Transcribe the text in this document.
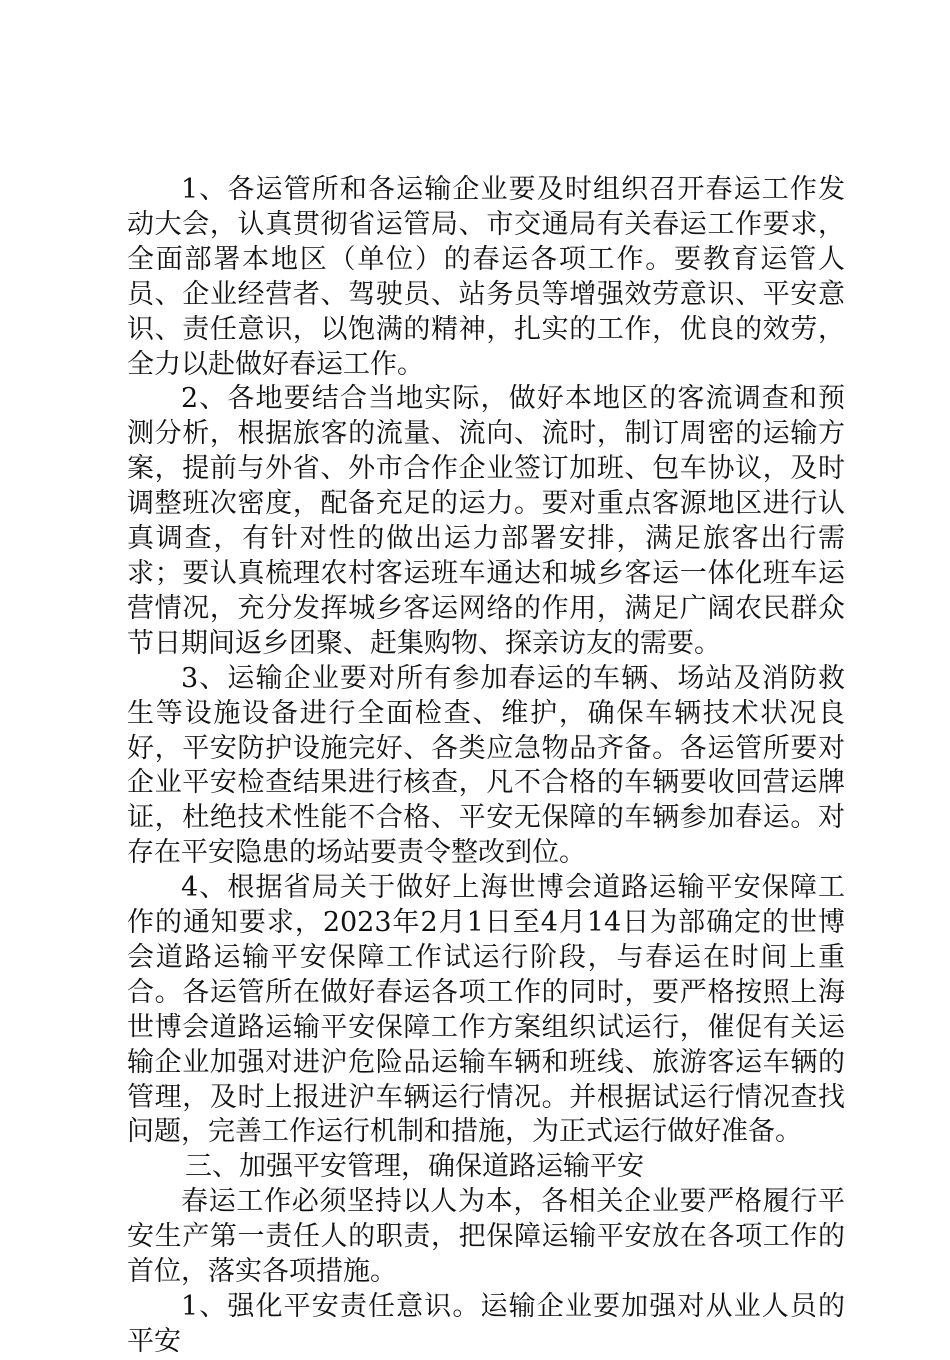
1、各运管所和各运输企业要及时组织召开春运工作发动大会，认真贯彻省运管局、市交通局有关春运工作要求，全面部署本地区（单位）的春运各项工作。要教育运管人员、企业经营者、驾驶员、站务员等增强效劳意识、平安意识、责任意识，以饱满的精神，扎实的工作，优良的效劳，全力以赴做好春运工作。

2、各地要结合当地实际，做好本地区的客流调查和预测分析，根据旅客的流量、流向、流时，制订周密的运输方案，提前与外省、外市合作企业签订加班、包车协议，及时调整班次密度，配备充足的运力。要对重点客源地区进行认真调查，有针对性的做出运力部署安排，满足旅客出行需求；要认真梳理农村客运班车通达和城乡客运一体化班车运营情况，充分发挥城乡客运网络的作用，满足广阔农民群众节日期间返乡团聚、赶集购物、探亲访友的需要。

3、运输企业要对所有参加春运的车辆、场站及消防救生等设施设备进行全面检查、维护，确保车辆技术状况良好，平安防护设施完好、各类应急物品齐备。各运管所要对企业平安检查结果进行核查，凡不合格的车辆要收回营运牌证，杜绝技术性能不合格、平安无保障的车辆参加春运。对存在平安隐患的场站要责令整改到位。

4、根据省局关于做好上海世博会道路运输平安保障工作的通知要求，2023年2月1日至4月14日为部确定的世博会道路运输平安保障工作试运行阶段，与春运在时间上重合。各运管所在做好春运各项工作的同时，要严格按照上海世博会道路运输平安保障工作方案组织试运行，催促有关运输企业加强对进沪危险品运输车辆和班线、旅游客运车辆的管理，及时上报进沪车辆运行情况。并根据试运行情况查找问题，完善工作运行机制和措施，为正式运行做好准备。

三、加强平安管理，确保道路运输平安

春运工作必须坚持以人为本，各相关企业要严格履行平安生产第一责任人的职责，把保障运输平安放在各项工作的首位，落实各项措施。

1、强化平安责任意识。运输企业要加强对从业人员的平安
